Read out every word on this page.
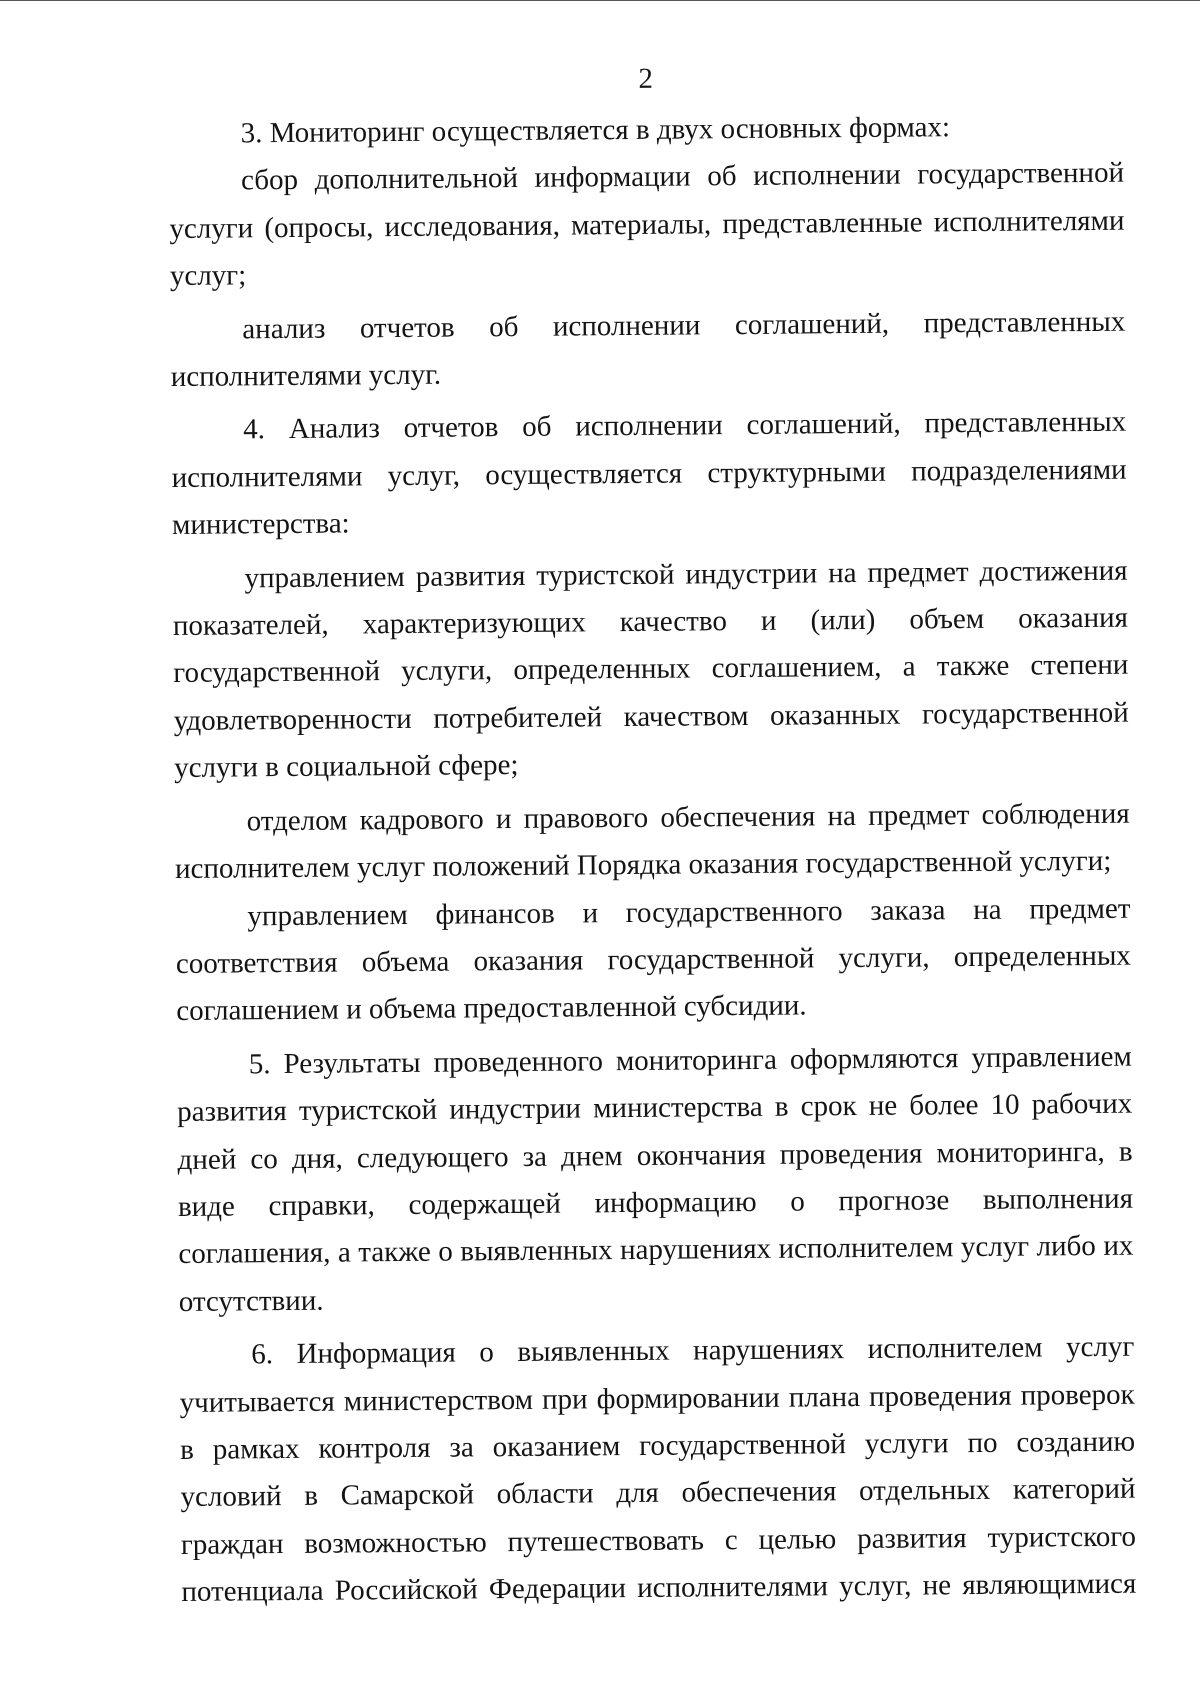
2

3. Мониторинг осуществляется в двух основных формах:

сбор дополнительной информации об исполнении государственной услуги (опросы, исследования, материалы, представленные исполнителями услуг;

анализ отчетов об исполнении соглашений, представленных исполнителями услуг.

4. Анализ отчетов об исполнении соглашений, представленных исполнителями услуг, осуществляется структурными подразделениями министерства:

управлением развития туристской индустрии на предмет достижения показателей, характеризующих качество и (или) объем оказания государственной услуги, определенных соглашением, а также степени удовлетворенности потребителей качеством оказанных государственной услуги в социальной сфере;

отделом кадрового и правового обеспечения на предмет соблюдения исполнителем услуг положений Порядка оказания государственной услуги;

управлением финансов и государственного заказа на предмет соответствия объема оказания государственной услуги, определенных соглашением и объема предоставленной субсидии.

5. Результаты проведенного мониторинга оформляются управлением развития туристской индустрии министерства в срок не более 10 рабочих дней со дня, следующего за днем окончания проведения мониторинга, в виде справки, содержащей информацию о прогнозе выполнения соглашения, а также о выявленных нарушениях исполнителем услуг либо их отсутствии.

6. Информация о выявленных нарушениях исполнителем услуг учитывается министерством при формировании плана проведения проверок в рамках контроля за оказанием государственной услуги по созданию условий в Самарской области для обеспечения отдельных категорий граждан возможностью путешествовать с целью развития туристского потенциала Российской Федерации исполнителями услуг, не являющимися
